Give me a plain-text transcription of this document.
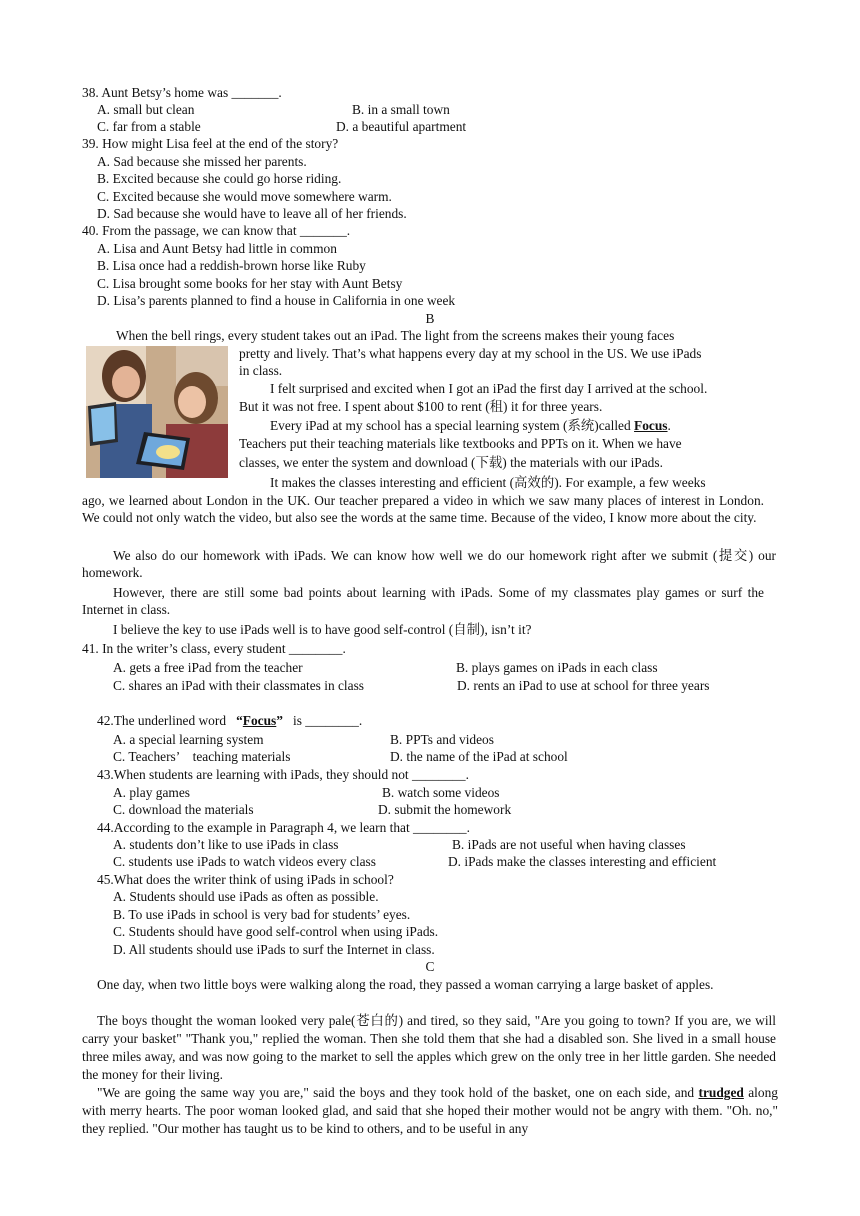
38. Aunt Betsy’s home was _______.
A. small but clean	B. in a small town
C. far from a stable	D. a beautiful apartment
39. How might Lisa feel at the end of the story?
A. Sad because she missed her parents.
B. Excited because she could go horse riding.
C. Excited because she would move somewhere warm.
D. Sad because she would have to leave all of her friends.
40. From the passage, we can know that _______.
A. Lisa and Aunt Betsy had little in common
B. Lisa once had a reddish-brown horse like Ruby
C. Lisa brought some books for her stay with Aunt Betsy
D. Lisa’s parents planned to find a house in California in one week
B
When the bell rings, every student takes out an iPad. The light from the screens makes their young faces
pretty and lively. That’s what happens every day at my school in the US. We use iPads
in class.
I felt surprised and excited when I got an iPad the first day I arrived at the school.
But it was not free. I spent about $100 to rent (租) it for three years.
Every iPad at my school has a special learning system (系统)called Focus.
Teachers put their teaching materials like textbooks and PPTs on it. When we have
classes, we enter the system and download (下载) the materials with our iPads.
It makes the classes interesting and efficient (高效的). For example, a few weeks
ago, we learned about London in the UK. Our teacher prepared a video in which we saw many places of interest in London. We could not only watch the video, but also see the words at the same time. Because of the video, I know more about the city.
We also do our homework with iPads. We can know how well we do our homework right after we submit (提交) our homework.
However, there are still some bad points about learning with iPads. Some of my classmates play games or surf the Internet in class.
I believe the key to use iPads well is to have good self-control (自制), isn’t it?
41. In the writer’s class, every student ________.
A. gets a free iPad from the teacher	B. plays games on iPads in each class
C. shares an iPad with their classmates in class	D. rents an iPad to use at school for three years
42.The underlined word “Focus” is ________.
A. a special learning system	B. PPTs and videos
C. Teachers’　teaching materials	D. the name of the iPad at school
43.When students are learning with iPads, they should not ________.
A. play games	B. watch some videos
C. download the materials	D. submit the homework
44.According to the example in Paragraph 4, we learn that ________.
A. students don’t like to use iPads in class	B. iPads are not useful when having classes
C. students use iPads to watch videos every class	D. iPads make the classes interesting and efficient
45.What does the writer think of using iPads in school?
A. Students should use iPads as often as possible.
B. To use iPads in school is very bad for students’ eyes.
C. Students should have good self-control when using iPads.
D. All students should use iPads to surf the Internet in class.
C
One day, when two little boys were walking along the road, they passed a woman carrying a large basket of apples.
The boys thought the woman looked very pale(苍白的) and tired, so they said, "Are you going to town? If you are, we will carry your basket" "Thank you," replied the woman. Then she told them that she had a disabled son. She lived in a small house three miles away, and was now going to the market to sell the apples which grew on the only tree in her little garden. She needed the money for their living.
"We are going the same way you are," said the boys and they took hold of the basket, one on each side, and trudged along with merry hearts. The poor woman looked glad, and said that she hoped their mother would not be angry with them. "Oh. no," they replied. "Our mother has taught us to be kind to others, and to be useful in any
